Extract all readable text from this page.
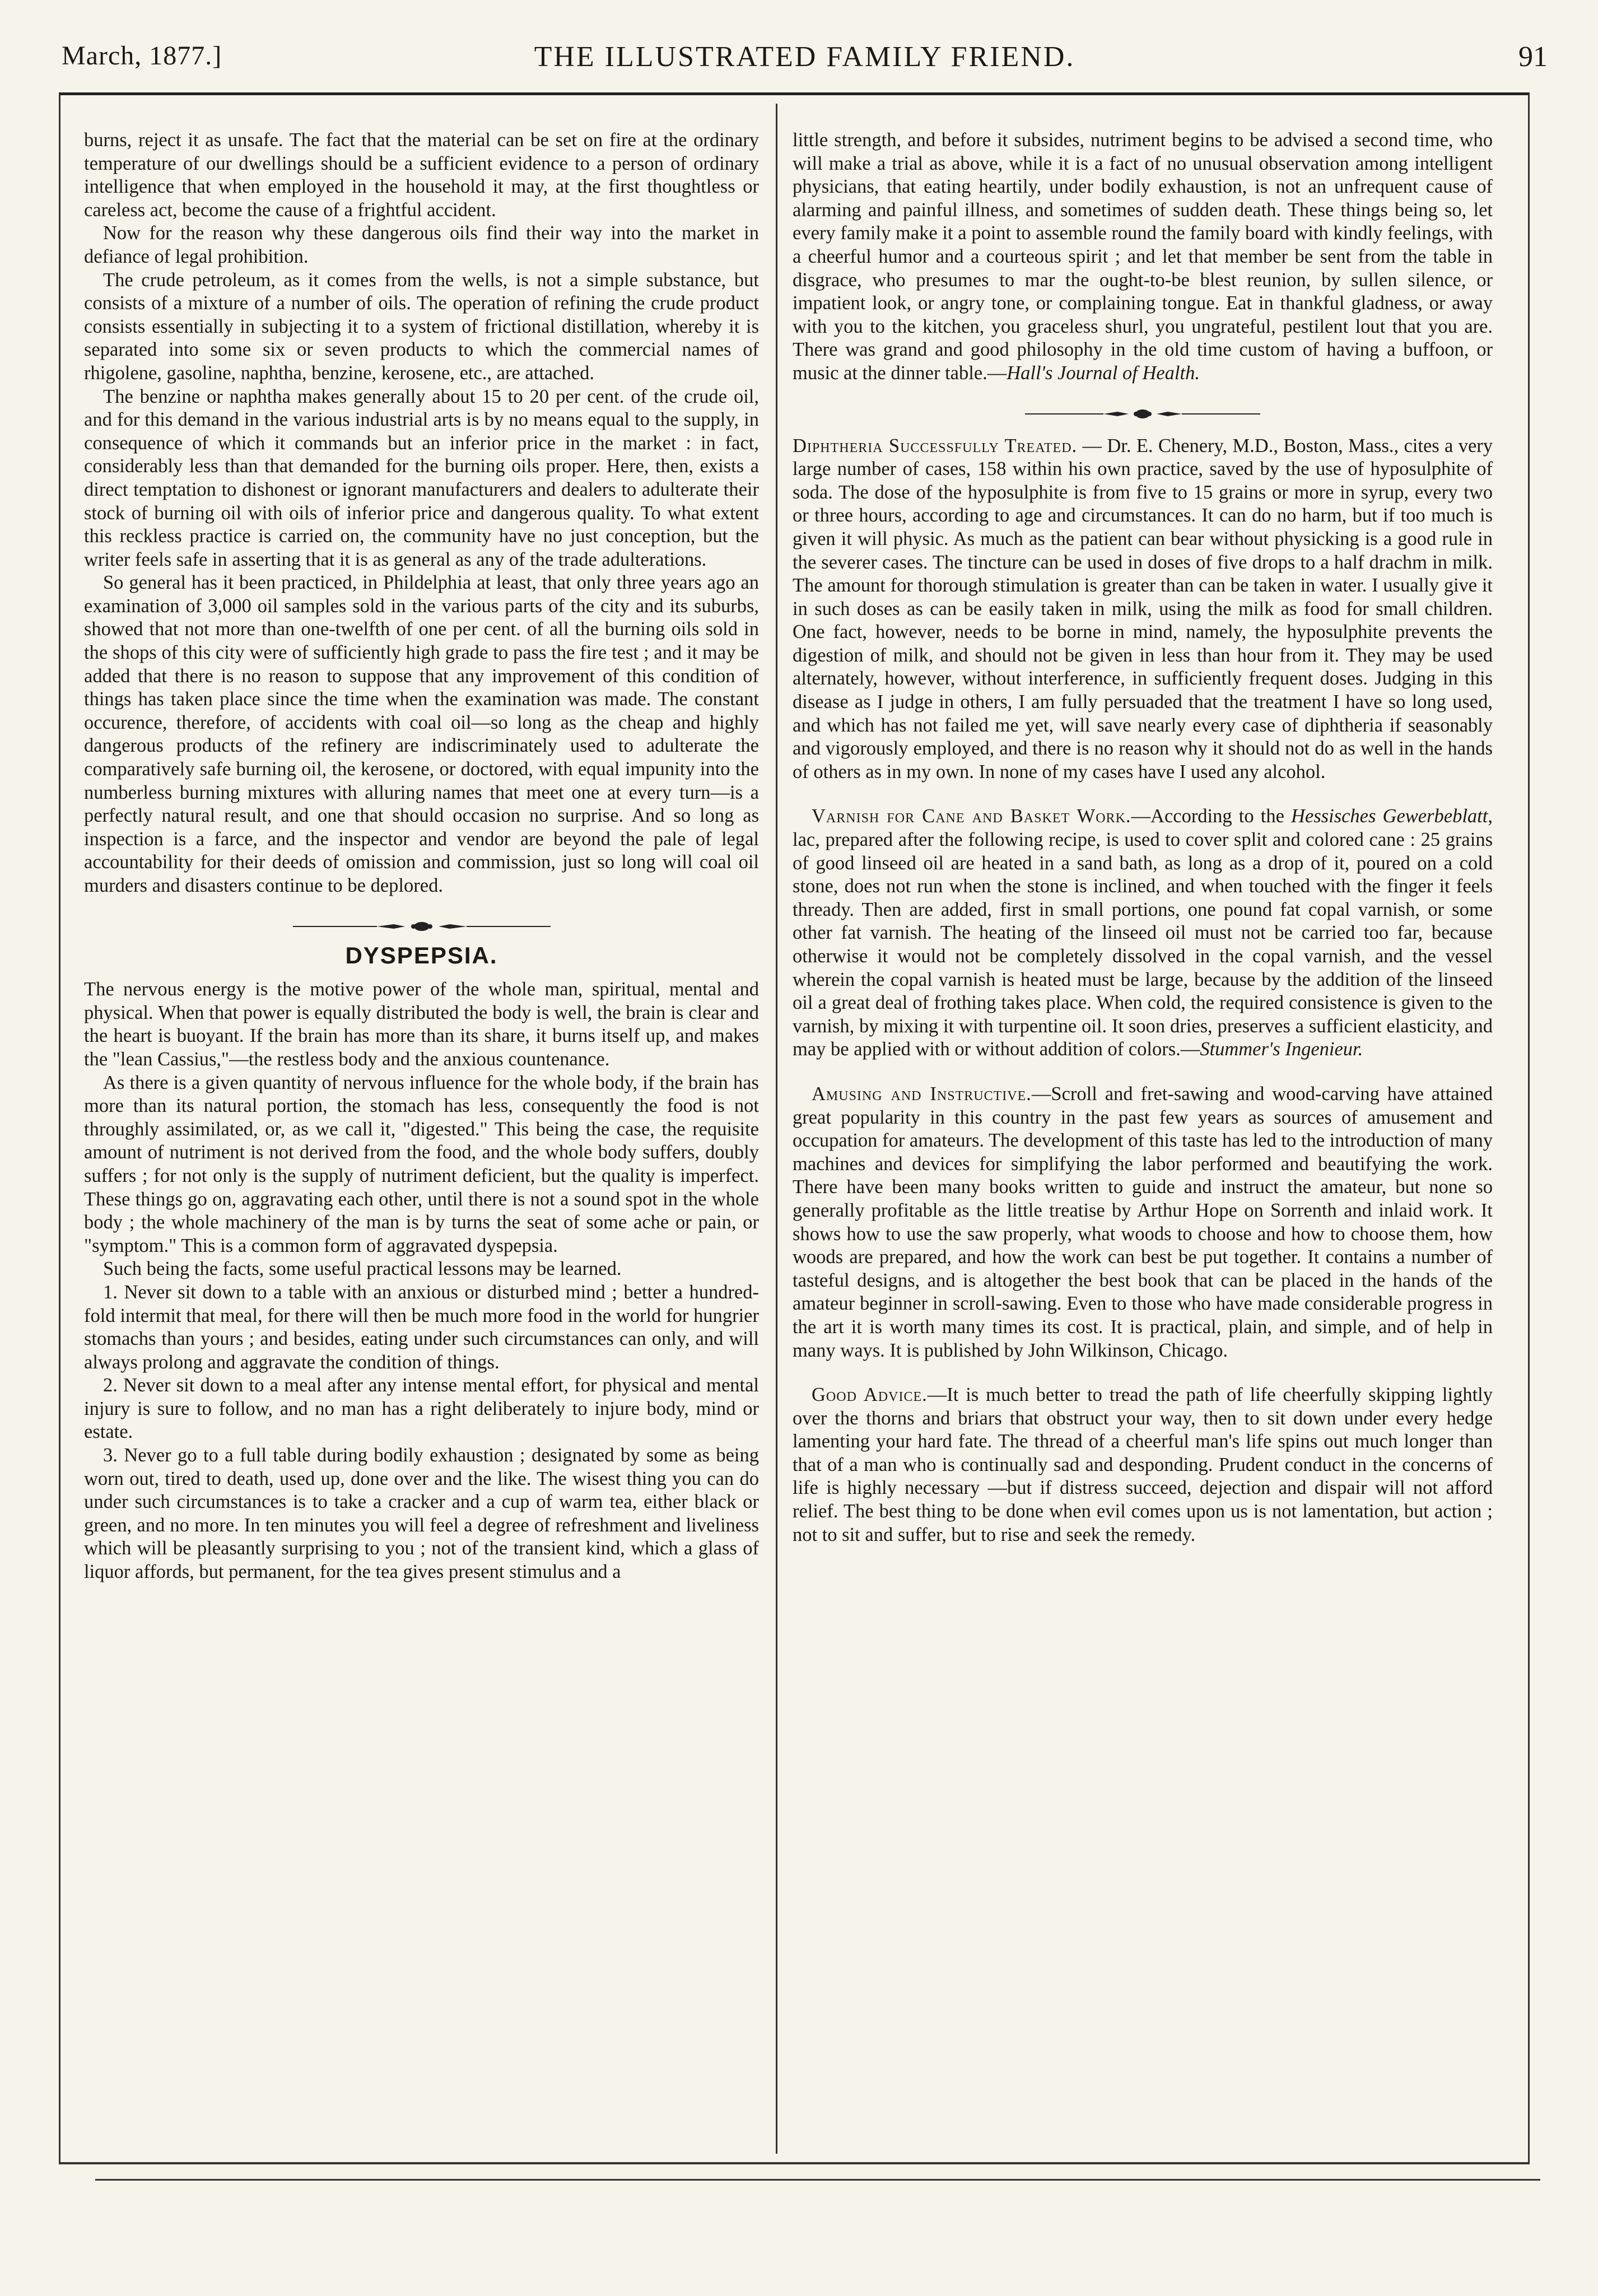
March, 1877.]	THE ILLUSTRATED FAMILY FRIEND.	91

burns, reject it as unsafe. The fact that the material can be set on fire at the ordinary temperature of our dwellings should be a sufficient evidence to a person of ordinary intelligence that when employed in the household it may, at the first thoughtless or careless act, become the cause of a frightful accident.

Now for the reason why these dangerous oils find their way into the market in defiance of legal prohibition.

The crude petroleum, as it comes from the wells, is not a simple substance, but consists of a mixture of a number of oils. The operation of refining the crude product consists essentially in subjecting it to a system of frictional distillation, whereby it is separated into some six or seven products to which the commercial names of rhigolene, gasoline, naphtha, benzine, kerosene, etc., are attached.

The benzine or naphtha makes generally about 15 to 20 per cent. of the crude oil, and for this demand in the various industrial arts is by no means equal to the supply, in consequence of which it commands but an inferior price in the market : in fact, considerably less than that demanded for the burning oils proper. Here, then, exists a direct temptation to dishonest or ignorant manufacturers and dealers to adulterate their stock of burning oil with oils of inferior price and dangerous quality. To what extent this reckless practice is carried on, the community have no just conception, but the writer feels safe in asserting that it is as general as any of the trade adulterations.

So general has it been practiced, in Phildelphia at least, that only three years ago an examination of 3,000 oil samples sold in the various parts of the city and its suburbs, showed that not more than one-twelfth of one per cent. of all the burning oils sold in the shops of this city were of sufficiently high grade to pass the fire test ; and it may be added that there is no reason to suppose that any improvement of this condition of things has taken place since the time when the examination was made. The constant occurence, therefore, of accidents with coal oil—so long as the cheap and highly dangerous products of the refinery are indiscriminately used to adulterate the comparatively safe burning oil, the kerosene, or doctored, with equal impunity into the numberless burning mixtures with alluring names that meet one at every turn—is a perfectly natural result, and one that should occasion no surprise. And so long as inspection is a farce, and the inspector and vendor are beyond the pale of legal accountability for their deeds of omission and commission, just so long will coal oil murders and disasters continue to be deplored.

DYSPEPSIA.

The nervous energy is the motive power of the whole man, spiritual, mental and physical. When that power is equally distributed the body is well, the brain is clear and the heart is buoyant. If the brain has more than its share, it burns itself up, and makes the "lean Cassius,"—the restless body and the anxious countenance.

As there is a given quantity of nervous influence for the whole body, if the brain has more than its natural portion, the stomach has less, consequently the food is not throughly assimilated, or, as we call it, "digested." This being the case, the requisite amount of nutriment is not derived from the food, and the whole body suffers, doubly suffers ; for not only is the supply of nutriment deficient, but the quality is imperfect. These things go on, aggravating each other, until there is not a sound spot in the whole body ; the whole machinery of the man is by turns the seat of some ache or pain, or "symptom." This is a common form of aggravated dyspepsia.

Such being the facts, some useful practical lessons may be learned.

1. Never sit down to a table with an anxious or disturbed mind ; better a hundred-fold intermit that meal, for there will then be much more food in the world for hungrier stomachs than yours ; and besides, eating under such circumstances can only, and will always prolong and aggravate the condition of things.

2. Never sit down to a meal after any intense mental effort, for physical and mental injury is sure to follow, and no man has a right deliberately to injure body, mind or estate.

3. Never go to a full table during bodily exhaustion ; designated by some as being worn out, tired to death, used up, done over and the like. The wisest thing you can do under such circumstances is to take a cracker and a cup of warm tea, either black or green, and no more. In ten minutes you will feel a degree of refreshment and liveliness which will be pleasantly surprising to you ; not of the transient kind, which a glass of liquor affords, but permanent, for the tea gives present stimulus and a

little strength, and before it subsides, nutriment begins to be advised a second time, who will make a trial as above, while it is a fact of no unusual observation among intelligent physicians, that eating heartily, under bodily exhaustion, is not an unfrequent cause of alarming and painful illness, and sometimes of sudden death. These things being so, let every family make it a point to assemble round the family board with kindly feelings, with a cheerful humor and a courteous spirit ; and let that member be sent from the table in disgrace, who presumes to mar the ought-to-be blest reunion, by sullen silence, or impatient look, or angry tone, or complaining tongue. Eat in thankful gladness, or away with you to the kitchen, you graceless shurl, you ungrateful, pestilent lout that you are. There was grand and good philosophy in the old time custom of having a buffoon, or music at the dinner table.—Hall's Journal of Health.

Diphtheria Successfully Treated. — Dr. E. Chenery, M.D., Boston, Mass., cites a very large number of cases, 158 within his own practice, saved by the use of hyposulphite of soda. The dose of the hyposulphite is from five to 15 grains or more in syrup, every two or three hours, according to age and circumstances. It can do no harm, but if too much is given it will physic. As much as the patient can bear without physicking is a good rule in the severer cases. The tincture can be used in doses of five drops to a half drachm in milk. The amount for thorough stimulation is greater than can be taken in water. I usually give it in such doses as can be easily taken in milk, using the milk as food for small children. One fact, however, needs to be borne in mind, namely, the hyposulphite prevents the digestion of milk, and should not be given in less than hour from it. They may be used alternately, however, without interference, in sufficiently frequent doses. Judging in this disease as I judge in others, I am fully persuaded that the treatment I have so long used, and which has not failed me yet, will save nearly every case of diphtheria if seasonably and vigorously employed, and there is no reason why it should not do as well in the hands of others as in my own. In none of my cases have I used any alcohol.

Varnish for Cane and Basket Work.—According to the Hessisches Gewerbeblatt, lac, prepared after the following recipe, is used to cover split and colored cane : 25 grains of good linseed oil are heated in a sand bath, as long as a drop of it, poured on a cold stone, does not run when the stone is inclined, and when touched with the finger it feels thready. Then are added, first in small portions, one pound fat copal varnish, or some other fat varnish. The heating of the linseed oil must not be carried too far, because otherwise it would not be completely dissolved in the copal varnish, and the vessel wherein the copal varnish is heated must be large, because by the addition of the linseed oil a great deal of frothing takes place. When cold, the required consistence is given to the varnish, by mixing it with turpentine oil. It soon dries, preserves a sufficient elasticity, and may be applied with or without addition of colors.—Stummer's Ingenieur.

Amusing and Instructive.—Scroll and fret-sawing and wood-carving have attained great popularity in this country in the past few years as sources of amusement and occupation for amateurs. The development of this taste has led to the introduction of many machines and devices for simplifying the labor performed and beautifying the work. There have been many books written to guide and instruct the amateur, but none so generally profitable as the little treatise by Arthur Hope on Sorrenth and inlaid work. It shows how to use the saw properly, what woods to choose and how to choose them, how woods are prepared, and how the work can best be put together. It contains a number of tasteful designs, and is altogether the best book that can be placed in the hands of the amateur beginner in scroll-sawing. Even to those who have made considerable progress in the art it is worth many times its cost. It is practical, plain, and simple, and of help in many ways. It is published by John Wilkinson, Chicago.

Good Advice.—It is much better to tread the path of life cheerfully skipping lightly over the thorns and briars that obstruct your way, then to sit down under every hedge lamenting your hard fate. The thread of a cheerful man's life spins out much longer than that of a man who is continually sad and desponding. Prudent conduct in the concerns of life is highly necessary —but if distress succeed, dejection and dispair will not afford relief. The best thing to be done when evil comes upon us is not lamentation, but action ; not to sit and suffer, but to rise and seek the remedy.
